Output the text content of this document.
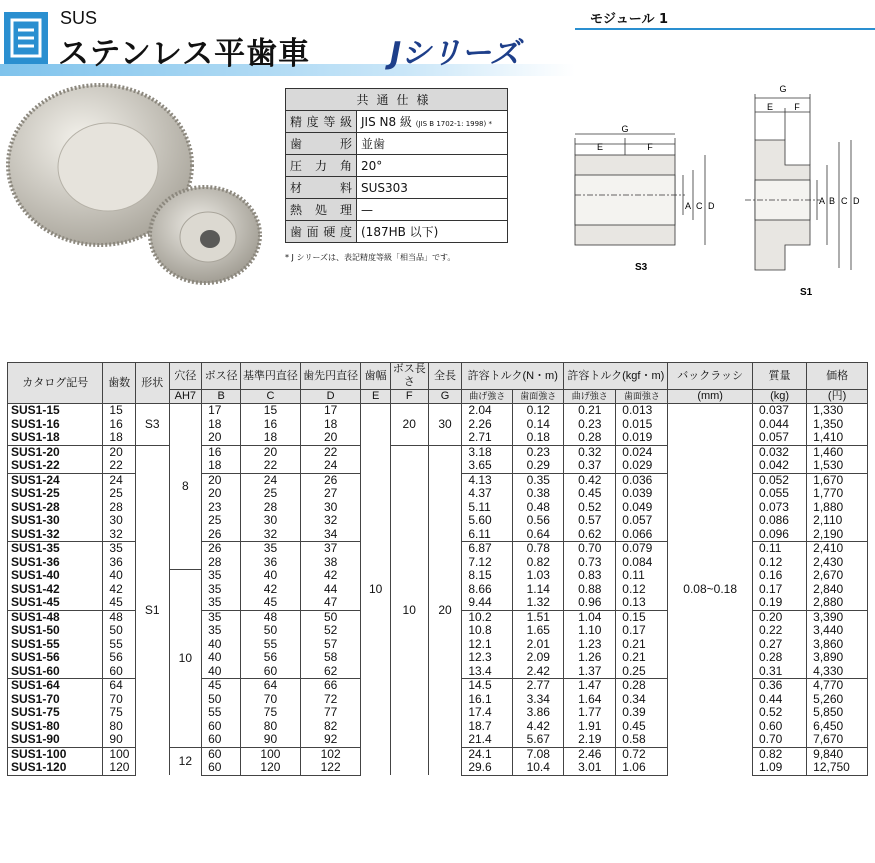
SUS
ステンレス平歯車	Jシリーズ
モジュール 1
共通仕様	
精度等級	JIS N8 級 (JIS B 1702-1: 1998) *
歯形	並歯
圧力角	20°
材料	SUS303
熱処理	—
歯面硬度	(187HB 以下)
* J シリーズは、表記精度等級「相当品」です。
G
E	F
A C D
S3
G
E F
A B C D
S1
カタログ記号	歯数	形状	穴径	ボス径	基準円直径	歯先円直径	歯幅	ボス長さ	全長	許容トルク(N・m)		許容トルク(kgf・m)		バックラッシ	質量	価格
			AH7	B	C	D	E	F	G	曲げ強さ	歯面強さ	曲げ強さ	歯面強さ	(mm)	(kg)	(円)
SUS1-15	15	S3	8	17	15	17	10	20	30	2.04	0.12	0.21	0.013	0.08~0.18	0.037	1,330
SUS1-16	16			18	16	18				2.26	0.14	0.23	0.015		0.044	1,350
SUS1-18	18			20	18	20				2.71	0.18	0.28	0.019		0.057	1,410
SUS1-20	20	S1		16	20	22		10	20	3.18	0.23	0.32	0.024		0.032	1,460
SUS1-22	22			18	22	24				3.65	0.29	0.37	0.029		0.042	1,530
SUS1-24	24			20	24	26				4.13	0.35	0.42	0.036		0.052	1,670
SUS1-25	25			20	25	27				4.37	0.38	0.45	0.039		0.055	1,770
SUS1-28	28			23	28	30				5.11	0.48	0.52	0.049		0.073	1,880
SUS1-30	30			25	30	32				5.60	0.56	0.57	0.057		0.086	2,110
SUS1-32	32			26	32	34				6.11	0.64	0.62	0.066		0.096	2,190
SUS1-35	35			26	35	37				6.87	0.78	0.70	0.079		0.11	2,410
SUS1-36	36			28	36	38				7.12	0.82	0.73	0.084		0.12	2,430
SUS1-40	40		10	35	40	42				8.15	1.03	0.83	0.11		0.16	2,670
SUS1-42	42			35	42	44				8.66	1.14	0.88	0.12		0.17	2,840
SUS1-45	45			35	45	47				9.44	1.32	0.96	0.13		0.19	2,880
SUS1-48	48			35	48	50				10.2	1.51	1.04	0.15		0.20	3,390
SUS1-50	50			35	50	52				10.8	1.65	1.10	0.17		0.22	3,440
SUS1-55	55			40	55	57				12.1	2.01	1.23	0.21		0.27	3,860
SUS1-56	56			40	56	58				12.3	2.09	1.26	0.21		0.28	3,890
SUS1-60	60			40	60	62				13.4	2.42	1.37	0.25		0.31	4,330
SUS1-64	64			45	64	66				14.5	2.77	1.47	0.28		0.36	4,770
SUS1-70	70			50	70	72				16.1	3.34	1.64	0.34		0.44	5,260
SUS1-75	75			55	75	77				17.4	3.86	1.77	0.39		0.52	5,850
SUS1-80	80			60	80	82				18.7	4.42	1.91	0.45		0.60	6,450
SUS1-90	90			60	90	92				21.4	5.67	2.19	0.58		0.70	7,670
SUS1-100	100		12	60	100	102				24.1	7.08	2.46	0.72		0.82	9,840
SUS1-120	120			60	120	122				29.6	10.4	3.01	1.06		1.09	12,750
